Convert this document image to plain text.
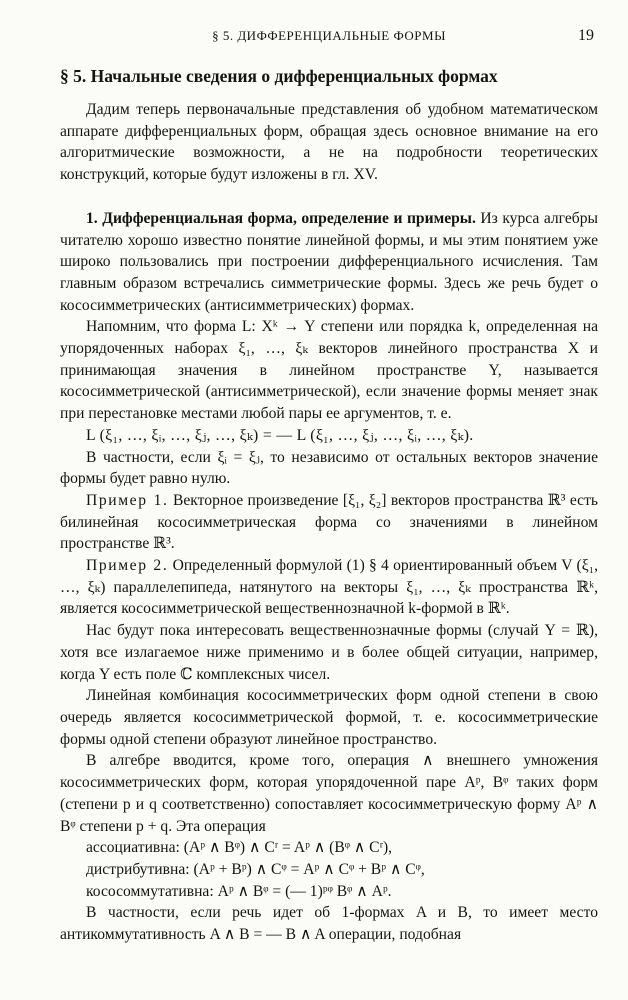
§ 5. ДИФФЕРЕНЦИАЛЬНЫЕ ФОРМЫ	19
§ 5. Начальные сведения о дифференциальных формах

Дадим теперь первоначальные представления об удобном математическом аппарате дифференциальных форм, обращая здесь основное внимание на его алгоритмические возможности, а не на подробности теоретических конструкций, которые будут изложены в гл. XV.

1. Дифференциальная форма, определение и примеры. Из курса алгебры читателю хорошо известно понятие линейной формы, и мы этим понятием уже широко пользовались при построении дифференциального исчисления. Там главным образом встречались симметрические формы. Здесь же речь будет о кососимметрических (антисимметрических) формах.

Напомним, что форма L: Xᵏ → Y степени или порядка k, определенная на упорядоченных наборах ξ₁, …, ξₖ векторов линейного пространства X и принимающая значения в линейном пространстве Y, называется кососимметрической (антисимметрической), если значение формы меняет знак при перестановке местами любой пары ее аргументов, т. е.

L (ξ₁, …, ξᵢ, …, ξⱼ, …, ξₖ) = — L (ξ₁, …, ξⱼ, …, ξᵢ, …, ξₖ).

В частности, если ξᵢ = ξⱼ, то независимо от остальных векторов значение формы будет равно нулю.

Пример 1. Векторное произведение [ξ₁, ξ₂] векторов пространства ℝ³ есть билинейная кососимметрическая форма со значениями в линейном пространстве ℝ³.

Пример 2. Определенный формулой (1) § 4 ориентированный объем V (ξ₁, …, ξₖ) параллелепипеда, натянутого на векторы ξ₁, …, ξₖ пространства ℝᵏ, является кососимметрической вещественнозначной k-формой в ℝᵏ.

Нас будут пока интересовать вещественнозначные формы (случай Y = ℝ), хотя все излагаемое ниже применимо и в более общей ситуации, например, когда Y есть поле ℂ комплексных чисел.

Линейная комбинация кососимметрических форм одной степени в свою очередь является кососимметрической формой, т. е. кососимметрические формы одной степени образуют линейное пространство.

В алгебре вводится, кроме того, операция ∧ внешнего умножения кососимметрических форм, которая упорядоченной паре Aᵖ, Bᵠ таких форм (степени p и q соответственно) сопоставляет кососимметрическую форму Aᵖ ∧ Bᵠ степени p + q. Эта операция

ассоциативна: (Aᵖ ∧ Bᵠ) ∧ Cʳ = Aᵖ ∧ (Bᵠ ∧ Cʳ),
дистрибутивна: (Aᵖ + Bᵖ) ∧ Cᵠ = Aᵖ ∧ Cᵠ + Bᵖ ∧ Cᵠ,
кососоммутативна: Aᵖ ∧ Bᵠ = (— 1)ᵖᵠ Bᵠ ∧ Aᵖ.

В частности, если речь идет об 1-формах A и B, то имеет место антикоммутативность A ∧ B = — B ∧ A операции, подобная
